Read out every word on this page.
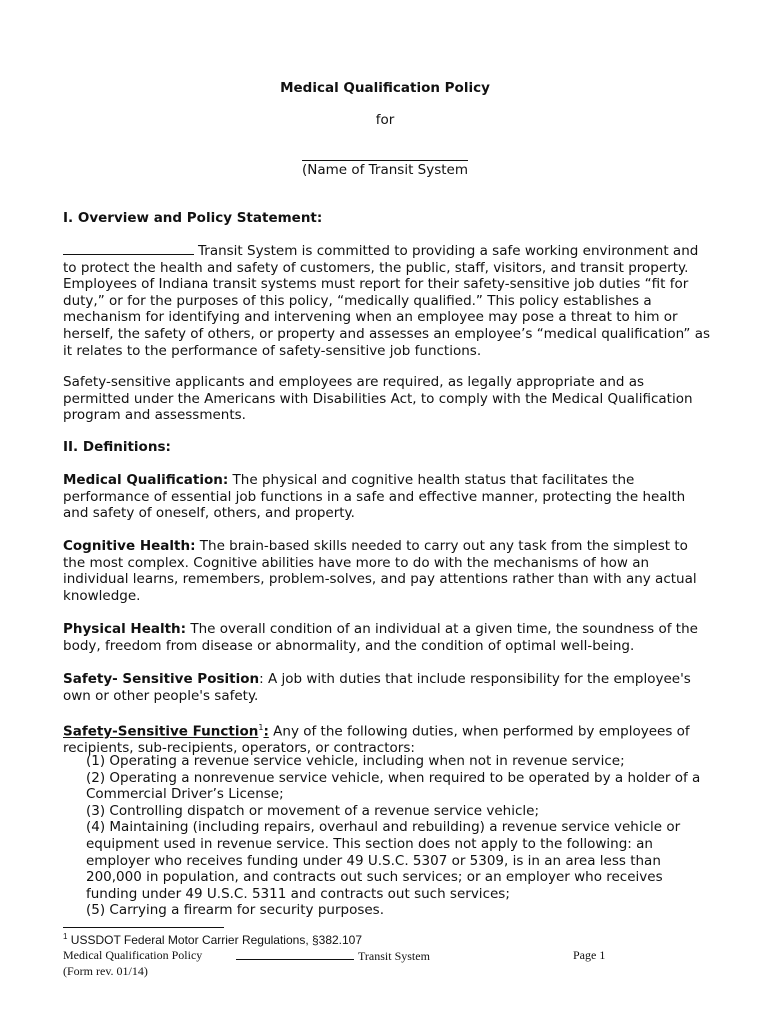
Medical Qualification Policy
for
(Name of Transit System
I. Overview and Policy Statement:
Transit System is committed to providing a safe working environment and to protect the health and safety of customers, the public, staff, visitors, and transit property. Employees of Indiana transit systems must report for their safety-sensitive job duties “fit for duty,” or for the purposes of this policy, “medically qualified.” This policy establishes a mechanism for identifying and intervening when an employee may pose a threat to him or herself, the safety of others, or property and assesses an employee’s “medical qualification” as it relates to the performance of safety-sensitive job functions.
Safety-sensitive applicants and employees are required, as legally appropriate and as permitted under the Americans with Disabilities Act, to comply with the Medical Qualification program and assessments.
II. Definitions:
Medical Qualification: The physical and cognitive health status that facilitates the performance of essential job functions in a safe and effective manner, protecting the health and safety of oneself, others, and property.
Cognitive Health: The brain-based skills needed to carry out any task from the simplest to the most complex. Cognitive abilities have more to do with the mechanisms of how an individual learns, remembers, problem-solves, and pay attentions rather than with any actual knowledge.
Physical Health: The overall condition of an individual at a given time, the soundness of the body, freedom from disease or abnormality, and the condition of optimal well-being.
Safety- Sensitive Position: A job with duties that include responsibility for the employee's own or other people's safety.
Safety-Sensitive Function$^1$: Any of the following duties, when performed by employees of recipients, sub-recipients, operators, or contractors:
(1) Operating a revenue service vehicle, including when not in revenue service;
(2) Operating a nonrevenue service vehicle, when required to be operated by a holder of a Commercial Driver’s License;
(3) Controlling dispatch or movement of a revenue service vehicle;
(4) Maintaining (including repairs, overhaul and rebuilding) a revenue service vehicle or equipment used in revenue service. This section does not apply to the following: an employer who receives funding under 49 U.S.C. 5307 or 5309, is in an area less than 200,000 in population, and contracts out such services; or an employer who receives funding under 49 U.S.C. 5311 and contracts out such services;
(5) Carrying a firearm for security purposes.
$^1$ USSDOT Federal Motor Carrier Regulations, §382.107
Medical Qualification Policy	Transit System	Page 1
(Form rev. 01/14)
